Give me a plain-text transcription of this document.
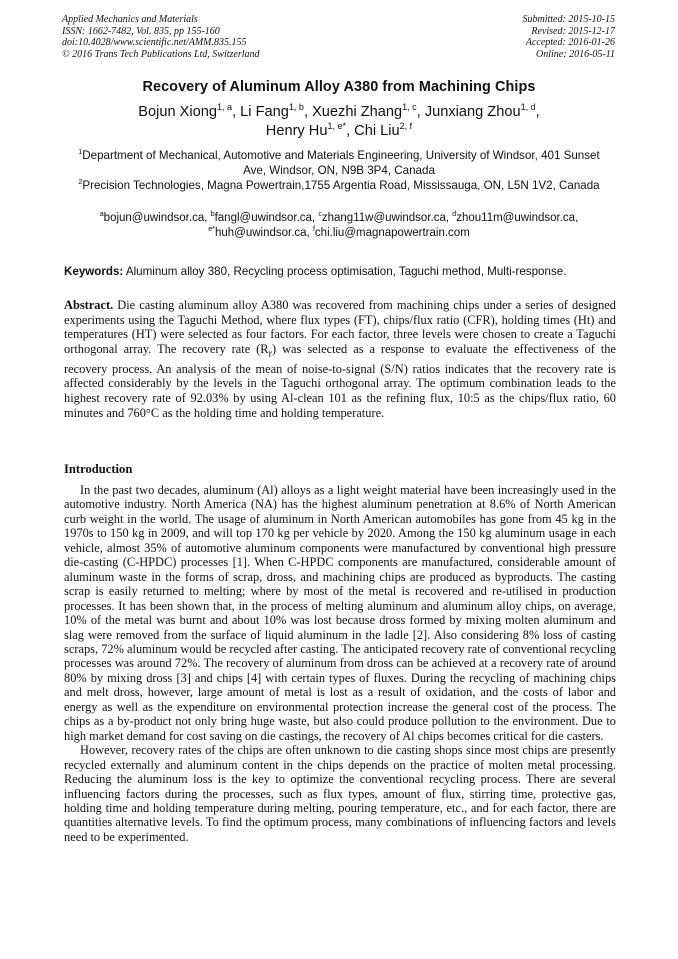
Applied Mechanics and Materials
ISSN: 1662-7482, Vol. 835, pp 155-160
doi:10.4028/www.scientific.net/AMM.835.155
© 2016 Trans Tech Publications Ltd, Switzerland
Submitted: 2015-10-15
Revised: 2015-12-17
Accepted: 2016-01-26
Online: 2016-05-11
Recovery of Aluminum Alloy A380 from Machining Chips
Bojun Xiong$^{1, a}$, Li Fang$^{1, b}$, Xuezhi Zhang$^{1, c}$, Junxiang Zhou$^{1, d}$,
Henry $Hu^{1, e*}$, Chi Liu$^{2, f}$

$^1$Department of Mechanical, Automotive and Materials Engineering, University of Windsor, 401 Sunset Ave, Windsor, ON, N9B 3P4, Canada

$^2$Precision Technologies, Magna Powertrain,1755 Argentia Road, Mississauga, ON, L5N 1V2, Canada

$^a$bojun@uwindsor.ca, $^b$fangl@uwindsor.ca, $^c$zhang11w@uwindsor.ca, $^d$zhou11m@uwindsor.ca,
$^{e*}$huh@uwindsor.ca, $^f$chi.liu@magnapowertrain.com
Keywords: Aluminum alloy 380, Recycling process optimisation, Taguchi method, Multi-response.
Abstract. Die casting aluminum alloy A380 was recovered from machining chips under a series of designed experiments using the Taguchi Method, where flux types (FT), chips/flux ratio (CFR), holding times (Ht) and temperatures (HT) were selected as four factors. For each factor, three levels were chosen to create a Taguchi orthogonal array. The recovery rate $(R_r)$ was selected as a response to evaluate the effectiveness of the recovery process. An analysis of the mean of noise-to-signal (S/N) ratios indicates that the recovery rate is affected considerably by the levels in the Taguchi orthogonal array. The optimum combination leads to the highest recovery rate of 92.03% by using Al-clean 101 as the refining flux, 10:5 as the chips/flux ratio, 60 minutes and 760°C as the holding time and holding temperature.
Introduction

In the past two decades, aluminum (Al) alloys as a light weight material have been increasingly used in the automotive industry. North America (NA) has the highest aluminum penetration at 8.6% of North American curb weight in the world. The usage of aluminum in North American automobiles has gone from 45 kg in the 1970s to 150 kg in 2009, and will top 170 kg per vehicle by 2020. Among the 150 kg aluminum usage in each vehicle, almost 35% of automotive aluminum components were manufactured by conventional high pressure die-casting (C-HPDC) processes [1]. When C-HPDC components are manufactured, considerable amount of aluminum waste in the forms of scrap, dross, and machining chips are produced as byproducts. The casting scrap is easily returned to melting; where by most of the metal is recovered and re-utilised in production processes. It has been shown that, in the process of melting aluminum and aluminum alloy chips, on average, 10% of the metal was burnt and about 10% was lost because dross formed by mixing molten aluminum and slag were removed from the surface of liquid aluminum in the ladle [2]. Also considering 8% loss of casting scraps, 72% aluminum would be recycled after casting. The anticipated recovery rate of conventional recycling processes was around 72%. The recovery of aluminum from dross can be achieved at a recovery rate of around 80% by mixing dross [3] and chips [4] with certain types of fluxes. During the recycling of machining chips and melt dross, however, large amount of metal is lost as a result of oxidation, and the costs of labor and energy as well as the expenditure on environmental protection increase the general cost of the process. The chips as a by-product not only bring huge waste, but also could produce pollution to the environment. Due to high market demand for cost saving on die castings, the recovery of Al chips becomes critical for die casters.

However, recovery rates of the chips are often unknown to die casting shops since most chips are presently recycled externally and aluminum content in the chips depends on the practice of molten metal processing. Reducing the aluminum loss is the key to optimize the conventional recycling process. There are several influencing factors during the processes, such as flux types, amount of flux, stirring time, protective gas, holding time and holding temperature during melting, pouring temperature, etc., and for each factor, there are quantities alternative levels. To find the optimum process, many combinations of influencing factors and levels need to be experimented.
